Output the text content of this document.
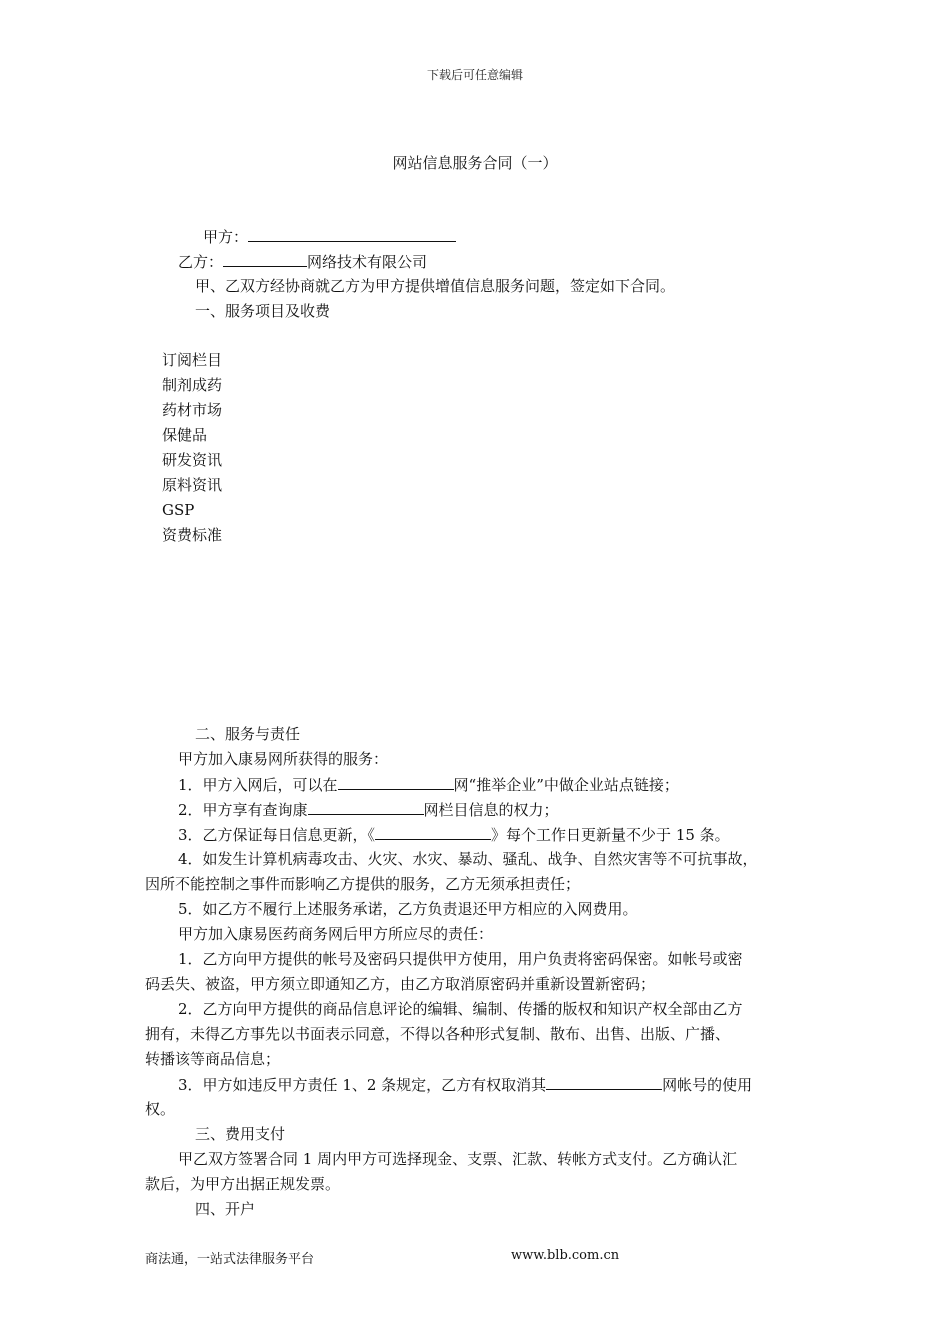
下载后可任意编辑
网站信息服务合同（一）
甲方：
乙方：	网络技术有限公司
甲、乙双方经协商就乙方为甲方提供增值信息服务问题，签定如下合同。
一、服务项目及收费
订阅栏目
制剂成药
药材市场
保健品
研发资讯
原料资讯
GSP
资费标准
二、服务与责任
甲方加入康易网所获得的服务：
1．甲方入网后，可以在	网“推举企业”中做企业站点链接；
2．甲方享有查询康	网栏目信息的权力；
3．乙方保证每日信息更新，《	》每个工作日更新量不少于 15 条。
4．如发生计算机病毒攻击、火灾、水灾、暴动、骚乱、战争、自然灾害等不可抗事故，
因所不能控制之事件而影响乙方提供的服务，乙方无须承担责任；
5．如乙方不履行上述服务承诺，乙方负责退还甲方相应的入网费用。
甲方加入康易医药商务网后甲方所应尽的责任：
1．乙方向甲方提供的帐号及密码只提供甲方使用，用户负责将密码保密。如帐号或密
码丢失、被盗，甲方须立即通知乙方，由乙方取消原密码并重新设置新密码；
2．乙方向甲方提供的商品信息评论的编辑、编制、传播的版权和知识产权全部由乙方
拥有，未得乙方事先以书面表示同意，不得以各种形式复制、散布、出售、出版、广播、
转播该等商品信息；
3．甲方如违反甲方责任 1、2 条规定，乙方有权取消其	网帐号的使用
权。
三、费用支付
甲乙双方签署合同 1 周内甲方可选择现金、支票、汇款、转帐方式支付。乙方确认汇
款后，为甲方出据正规发票。
四、开户
商法通，一站式法律服务平台	www.blb.com.cn
